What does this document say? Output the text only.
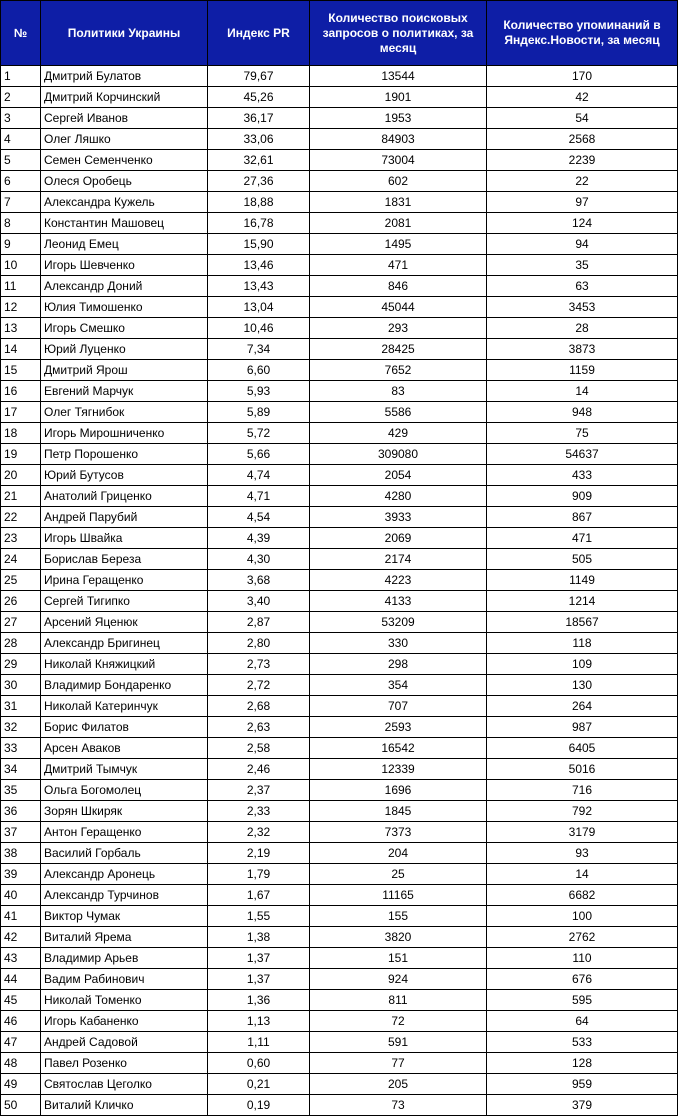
№	Политики Украины	Индекс PR	Количество поисковых запросов о политиках, за месяц	Количество упоминаний в Яндекс.Новости, за месяц
1	Дмитрий Булатов	79,67	13544	170
2	Дмитрий Корчинский	45,26	1901	42
3	Сергей Иванов	36,17	1953	54
4	Олег Ляшко	33,06	84903	2568
5	Семен Семенченко	32,61	73004	2239
6	Олеся Оробець	27,36	602	22
7	Александра Кужель	18,88	1831	97
8	Константин Машовец	16,78	2081	124
9	Леонид Емец	15,90	1495	94
10	Игорь Шевченко	13,46	471	35
11	Александр Доний	13,43	846	63
12	Юлия Тимошенко	13,04	45044	3453
13	Игорь Смешко	10,46	293	28
14	Юрий Луценко	7,34	28425	3873
15	Дмитрий Ярош	6,60	7652	1159
16	Евгений Марчук	5,93	83	14
17	Олег Тягнибок	5,89	5586	948
18	Игорь Мирошниченко	5,72	429	75
19	Петр Порошенко	5,66	309080	54637
20	Юрий Бутусов	4,74	2054	433
21	Анатолий Гриценко	4,71	4280	909
22	Андрей Парубий	4,54	3933	867
23	Игорь Швайка	4,39	2069	471
24	Борислав Береза	4,30	2174	505
25	Ирина Геращенко	3,68	4223	1149
26	Сергей Тигипко	3,40	4133	1214
27	Арсений Яценюк	2,87	53209	18567
28	Александр Бригинец	2,80	330	118
29	Николай Княжицкий	2,73	298	109
30	Владимир Бондаренко	2,72	354	130
31	Николай Катеринчук	2,68	707	264
32	Борис Филатов	2,63	2593	987
33	Арсен Аваков	2,58	16542	6405
34	Дмитрий Тымчук	2,46	12339	5016
35	Ольга Богомолец	2,37	1696	716
36	Зорян Шкиряк	2,33	1845	792
37	Антон Геращенко	2,32	7373	3179
38	Василий Горбаль	2,19	204	93
39	Александр Аронець	1,79	25	14
40	Александр Турчинов	1,67	11165	6682
41	Виктор Чумак	1,55	155	100
42	Виталий Ярема	1,38	3820	2762
43	Владимир Арьев	1,37	151	110
44	Вадим Рабинович	1,37	924	676
45	Николай Томенко	1,36	811	595
46	Игорь Кабаненко	1,13	72	64
47	Андрей Садовой	1,11	591	533
48	Павел Розенко	0,60	77	128
49	Святослав Цеголко	0,21	205	959
50	Виталий Кличко	0,19	73	379
